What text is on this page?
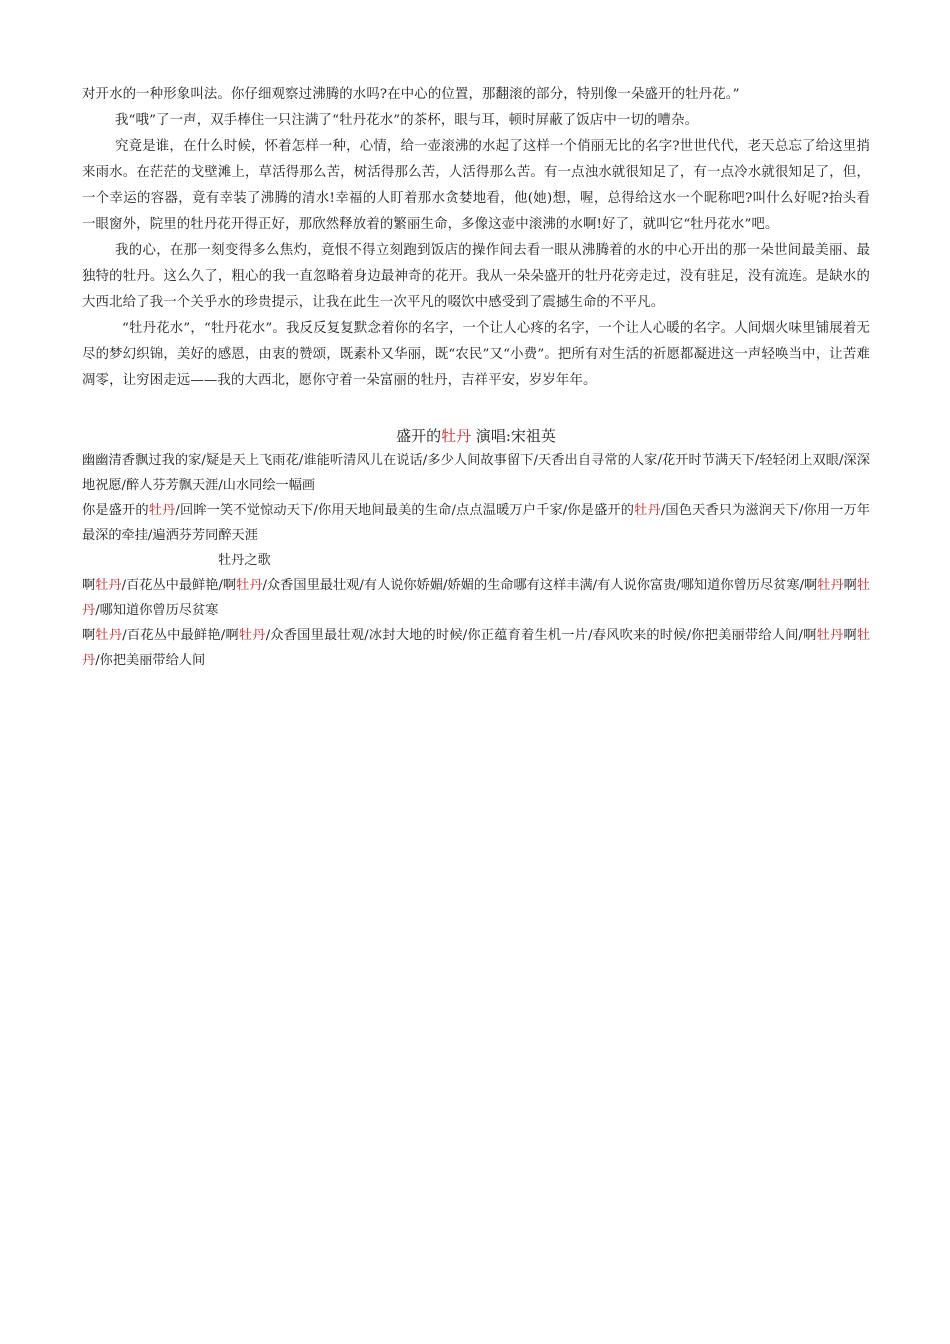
对开水的一种形象叫法。你仔细观察过沸腾的水吗?在中心的位置，那翻滚的部分，特别像一朵盛开的牡丹花。”

我“哦”了一声，双手棒住一只注满了“牡丹花水”的茶杯，眼与耳，顿时屏蔽了饭店中一切的嘈杂。

究竟是谁，在什么时候，怀着怎样一种，心情，给一壶滚沸的水起了这样一个俏丽无比的名字?世世代代，老天总忘了给这里捎来雨水。在茫茫的戈壁滩上，草活得那么苦，树活得那么苦，人活得那么苦。有一点浊水就很知足了，有一点冷水就很知足了，但，一个幸运的容器，竟有幸装了沸腾的清水!幸福的人盯着那水贪婪地看，他(她)想，喔，总得给这水一个昵称吧?叫什么好呢?抬头看一眼窗外，院里的牡丹花开得正好，那欣然释放着的繁丽生命，多像这壶中滚沸的水啊!好了，就叫它“牡丹花水”吧。

我的心，在那一刻变得多么焦灼，竟恨不得立刻跑到饭店的操作间去看一眼从沸腾着的水的中心开出的那一朵世间最美丽、最独特的牡丹。这么久了，粗心的我一直忽略着身边最神奇的花开。我从一朵朵盛开的牡丹花旁走过，没有驻足，没有流连。是缺水的大西北给了我一个关乎水的珍贵提示，让我在此生一次平凡的啜饮中感受到了震撼生命的不平凡。

“牡丹花水”，“牡丹花水”。我反反复复默念着你的名字，一个让人心疼的名字，一个让人心暖的名字。人间烟火味里铺展着无尽的梦幻织锦，美好的感恩，由衷的赞颂，既素朴又华丽，既“农民”又“小费”。把所有对生活的祈愿都凝进这一声轻唤当中，让苦难凋零，让穷困走远——我的大西北，愿你守着一朵富丽的牡丹，吉祥平安，岁岁年年。

盛开的牡丹 演唱:宋祖英

幽幽清香飘过我的家/疑是天上飞雨花/谁能听清风儿在说话/多少人间故事留下/天香出自寻常的人家/花开时节满天下/轻轻闭上双眼/深深地祝愿/醉人芬芳飘天涯/山水同绘一幅画

你是盛开的牡丹/回眸一笑不觉惊动天下/你用天地间最美的生命/点点温暖万户千家/你是盛开的牡丹/国色天香只为滋润天下/你用一万年最深的牵挂/遍洒芬芳同醉天涯

牡丹之歌

啊牡丹/百花丛中最鲜艳/啊牡丹/众香国里最壮观/有人说你娇媚/娇媚的生命哪有这样丰满/有人说你富贵/哪知道你曾历尽贫寒/啊牡丹啊牡丹/哪知道你曾历尽贫寒

啊牡丹/百花丛中最鲜艳/啊牡丹/众香国里最壮观/冰封大地的时候/你正蕴育着生机一片/春风吹来的时候/你把美丽带给人间/啊牡丹啊牡丹/你把美丽带给人间
